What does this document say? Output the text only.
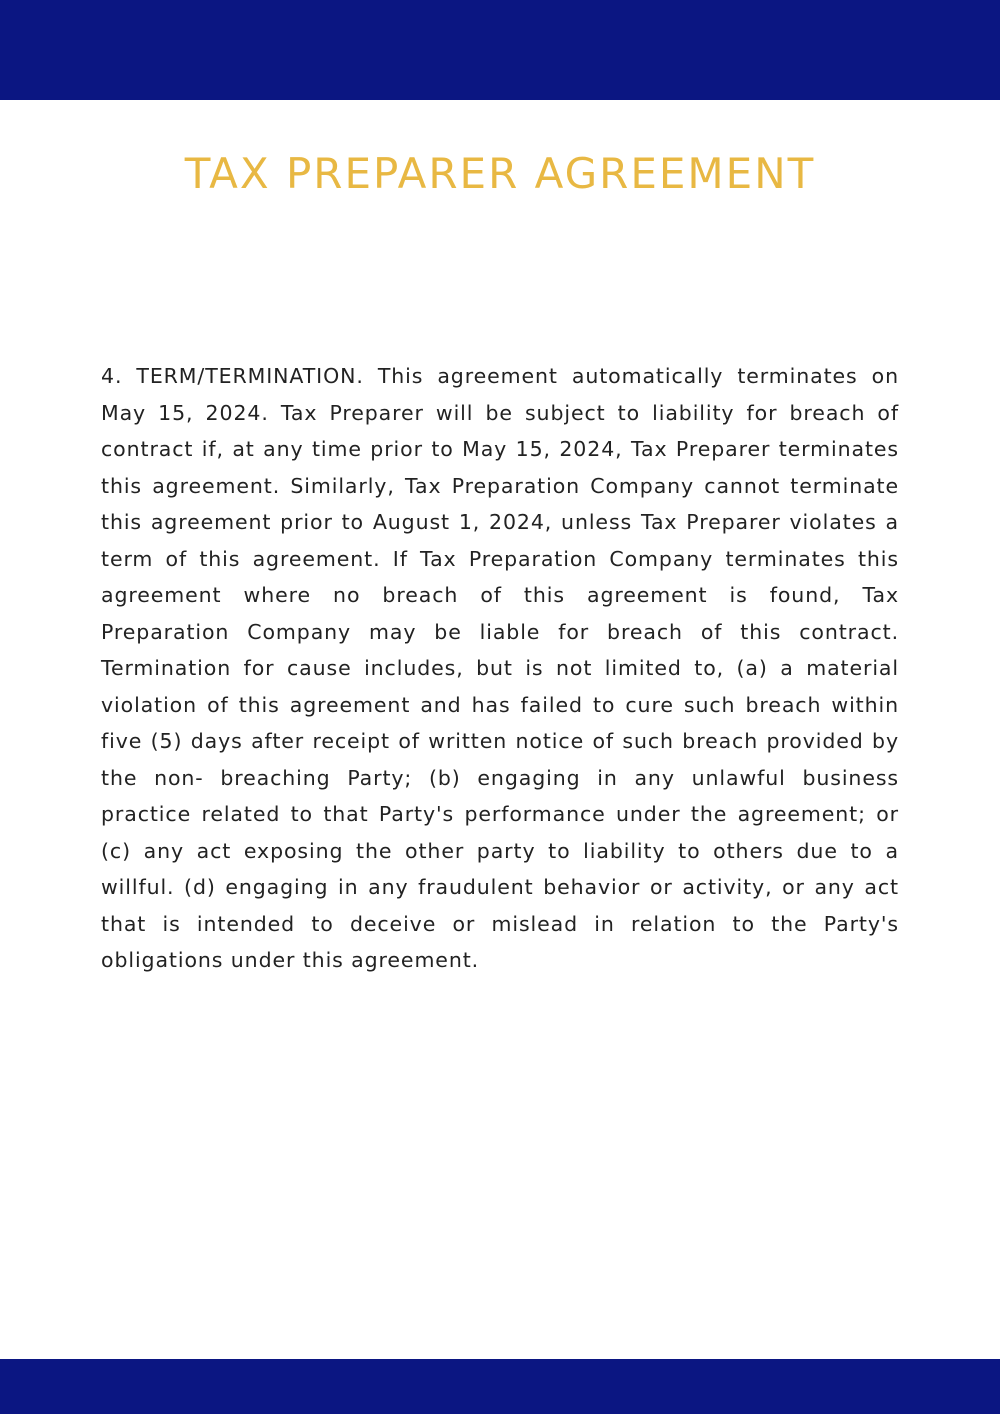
TAX PREPARER AGREEMENT

4. TERM/TERMINATION. This agreement automatically terminates on May 15, 2024. Tax Preparer will be subject to liability for breach of contract if, at any time prior to May 15, 2024, Tax Preparer terminates this agreement. Similarly, Tax Preparation Company cannot terminate this agreement prior to August 1, 2024, unless Tax Preparer violates a term of this agreement. If Tax Preparation Company terminates this agreement where no breach of this agreement is found, Tax Preparation Company may be liable for breach of this contract. Termination for cause includes, but is not limited to, (a) a material violation of this agreement and has failed to cure such breach within five (5) days after receipt of written notice of such breach provided by the non- breaching Party; (b) engaging in any unlawful business practice related to that Party's performance under the agreement; or (c) any act exposing the other party to liability to others due to a willful. (d) engaging in any fraudulent behavior or activity, or any act that is intended to deceive or mislead in relation to the Party's obligations under this agreement.
